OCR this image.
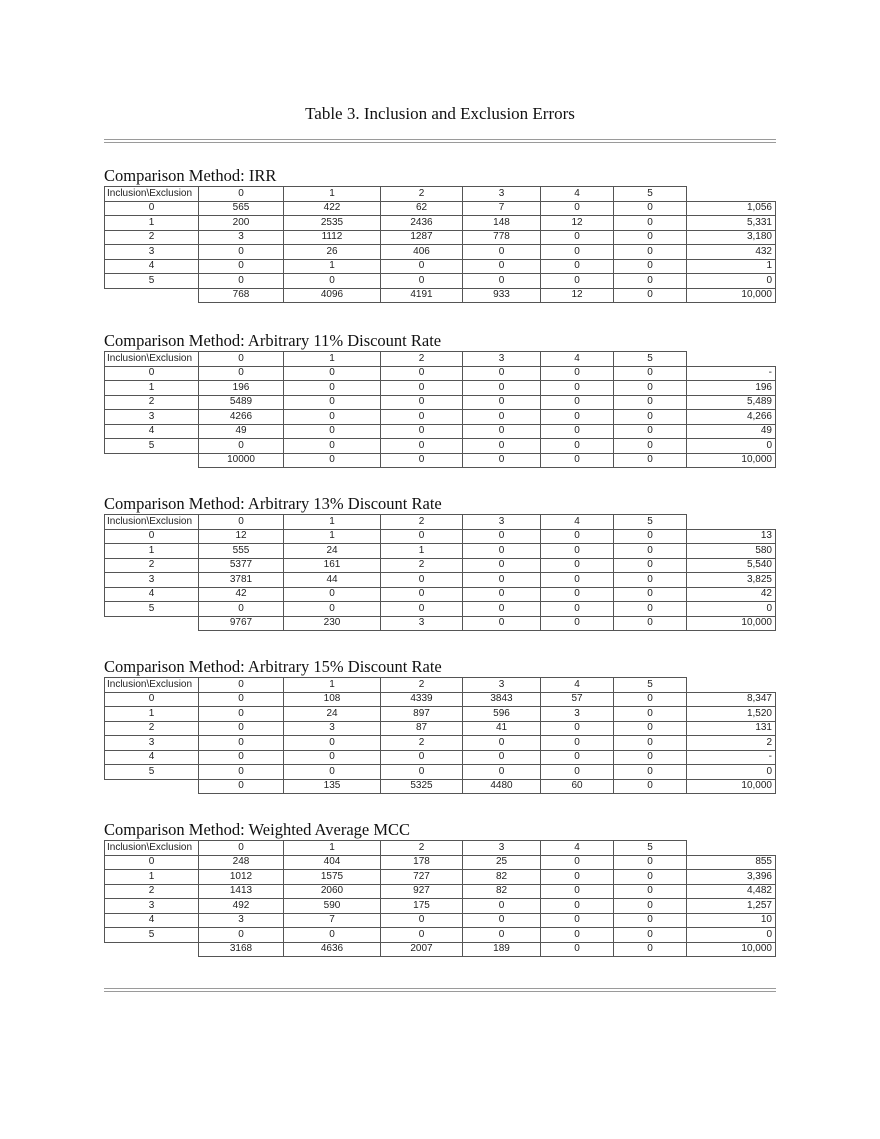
Table 3. Inclusion and Exclusion Errors
Comparison Method: IRR
Inclusion\Exclusion	0	1	2	3	4	5	
0	565	422	62	7	0	0	1,056
1	200	2535	2436	148	12	0	5,331
2	3	1112	1287	778	0	0	3,180
3	0	26	406	0	0	0	432
4	0	1	0	0	0	0	1
5	0	0	0	0	0	0	0
	768	4096	4191	933	12	0	10,000
Comparison Method: Arbitrary 11% Discount Rate
Inclusion\Exclusion	0	1	2	3	4	5	
0	0	0	0	0	0	0	-
1	196	0	0	0	0	0	196
2	5489	0	0	0	0	0	5,489
3	4266	0	0	0	0	0	4,266
4	49	0	0	0	0	0	49
5	0	0	0	0	0	0	0
	10000	0	0	0	0	0	10,000
Comparison Method: Arbitrary 13% Discount Rate
Inclusion\Exclusion	0	1	2	3	4	5	
0	12	1	0	0	0	0	13
1	555	24	1	0	0	0	580
2	5377	161	2	0	0	0	5,540
3	3781	44	0	0	0	0	3,825
4	42	0	0	0	0	0	42
5	0	0	0	0	0	0	0
	9767	230	3	0	0	0	10,000
Comparison Method: Arbitrary 15% Discount Rate
Inclusion\Exclusion	0	1	2	3	4	5	
0	0	108	4339	3843	57	0	8,347
1	0	24	897	596	3	0	1,520
2	0	3	87	41	0	0	131
3	0	0	2	0	0	0	2
4	0	0	0	0	0	0	-
5	0	0	0	0	0	0	0
	0	135	5325	4480	60	0	10,000
Comparison Method: Weighted Average MCC
Inclusion\Exclusion	0	1	2	3	4	5	
0	248	404	178	25	0	0	855
1	1012	1575	727	82	0	0	3,396
2	1413	2060	927	82	0	0	4,482
3	492	590	175	0	0	0	1,257
4	3	7	0	0	0	0	10
5	0	0	0	0	0	0	0
	3168	4636	2007	189	0	0	10,000
